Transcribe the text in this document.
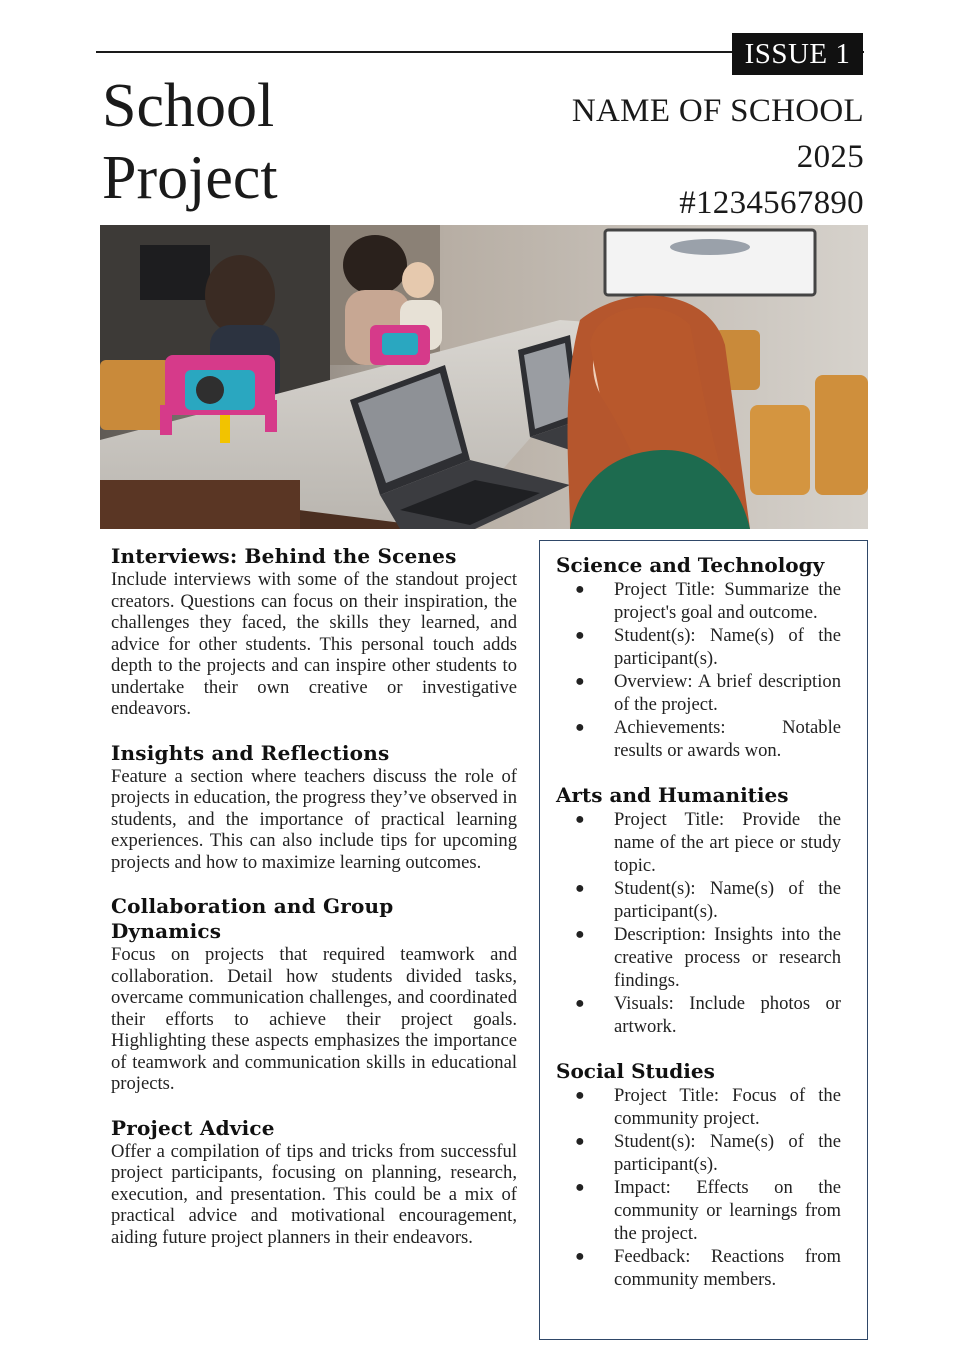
ISSUE 1
School
Project
NAME OF SCHOOL
2025
#1234567890
Interviews: Behind the Scenes

Include interviews with some of the standout project creators. Questions can focus on their inspiration, the challenges they faced, the skills they learned, and advice for other students. This personal touch adds depth to the projects and can inspire other students to undertake their own creative or investigative endeavors.

Insights and Reflections

Feature a section where teachers discuss the role of projects in education, the progress they’ve observed in students, and the importance of practical learning experiences. This can also include tips for upcoming projects and how to maximize learning outcomes.

Collaboration and Group Dynamics

Focus on projects that required teamwork and collaboration. Detail how students divided tasks, overcame communication challenges, and coordinated their efforts to achieve their project goals. Highlighting these aspects emphasizes the importance of teamwork and communication skills in educational projects.

Project Advice

Offer a compilation of tips and tricks from successful project participants, focusing on planning, research, execution, and presentation. This could be a mix of practical advice and motivational encouragement, aiding future project planners in their endeavors.

Science and Technology
● Project Title: Summarize the project's goal and outcome.
● Student(s): Name(s) of the participant(s).
● Overview: A brief description of the project.
● Achievements: Notable results or awards won.
Arts and Humanities
● Project Title: Provide the name of the art piece or study topic.
● Student(s): Name(s) of the participant(s).
● Description: Insights into the creative process or research findings.
● Visuals: Include photos or artwork.
Social Studies
● Project Title: Focus of the community project.
● Student(s): Name(s) of the participant(s).
● Impact: Effects on the community or learnings from the project.
● Feedback: Reactions from community members.
